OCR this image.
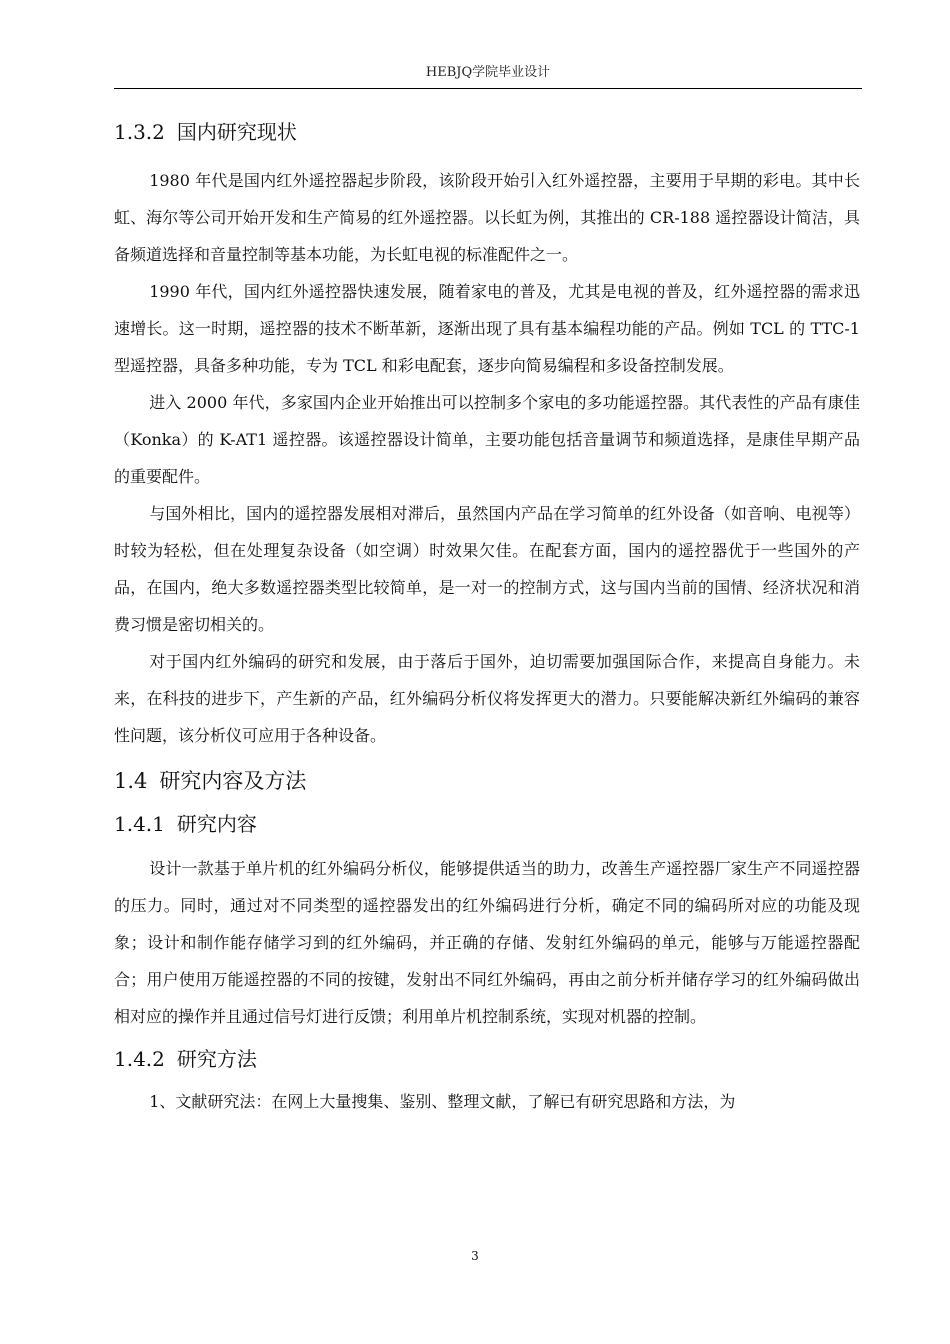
HEBJQ学院毕业设计
1.3.2 国内研究现状

1980 年代是国内红外遥控器起步阶段，该阶段开始引入红外遥控器，主要用于早期的彩电。其中长虹、海尔等公司开始开发和生产简易的红外遥控器。以长虹为例，其推出的 CR-188 遥控器设计简洁，具备频道选择和音量控制等基本功能，为长虹电视的标准配件之一。

1990 年代，国内红外遥控器快速发展，随着家电的普及，尤其是电视的普及，红外遥控器的需求迅速增长。这一时期，遥控器的技术不断革新，逐渐出现了具有基本编程功能的产品。例如 TCL 的 TTC-1 型遥控器，具备多种功能，专为 TCL 和彩电配套，逐步向简易编程和多设备控制发展。

进入 2000 年代，多家国内企业开始推出可以控制多个家电的多功能遥控器。其代表性的产品有康佳（Konka）的 K-AT1 遥控器。该遥控器设计简单，主要功能包括音量调节和频道选择，是康佳早期产品的重要配件。

与国外相比，国内的遥控器发展相对滞后，虽然国内产品在学习简单的红外设备（如音响、电视等）时较为轻松，但在处理复杂设备（如空调）时效果欠佳。在配套方面，国内的遥控器优于一些国外的产品，在国内，绝大多数遥控器类型比较简单，是一对一的控制方式，这与国内当前的国情、经济状况和消费习惯是密切相关的。

对于国内红外编码的研究和发展，由于落后于国外，迫切需要加强国际合作，来提高自身能力。未来，在科技的进步下，产生新的产品，红外编码分析仪将发挥更大的潜力。只要能解决新红外编码的兼容性问题，该分析仪可应用于各种设备。

1.4 研究内容及方法
1.4.1 研究内容

设计一款基于单片机的红外编码分析仪，能够提供适当的助力，改善生产遥控器厂家生产不同遥控器的压力。同时，通过对不同类型的遥控器发出的红外编码进行分析，确定不同的编码所对应的功能及现象；设计和制作能存储学习到的红外编码，并正确的存储、发射红外编码的单元，能够与万能遥控器配合；用户使用万能遥控器的不同的按键，发射出不同红外编码，再由之前分析并储存学习的红外编码做出相对应的操作并且通过信号灯进行反馈；利用单片机控制系统，实现对机器的控制。

1.4.2 研究方法

1、文献研究法：在网上大量搜集、鉴别、整理文献，了解已有研究思路和方法，为

3
